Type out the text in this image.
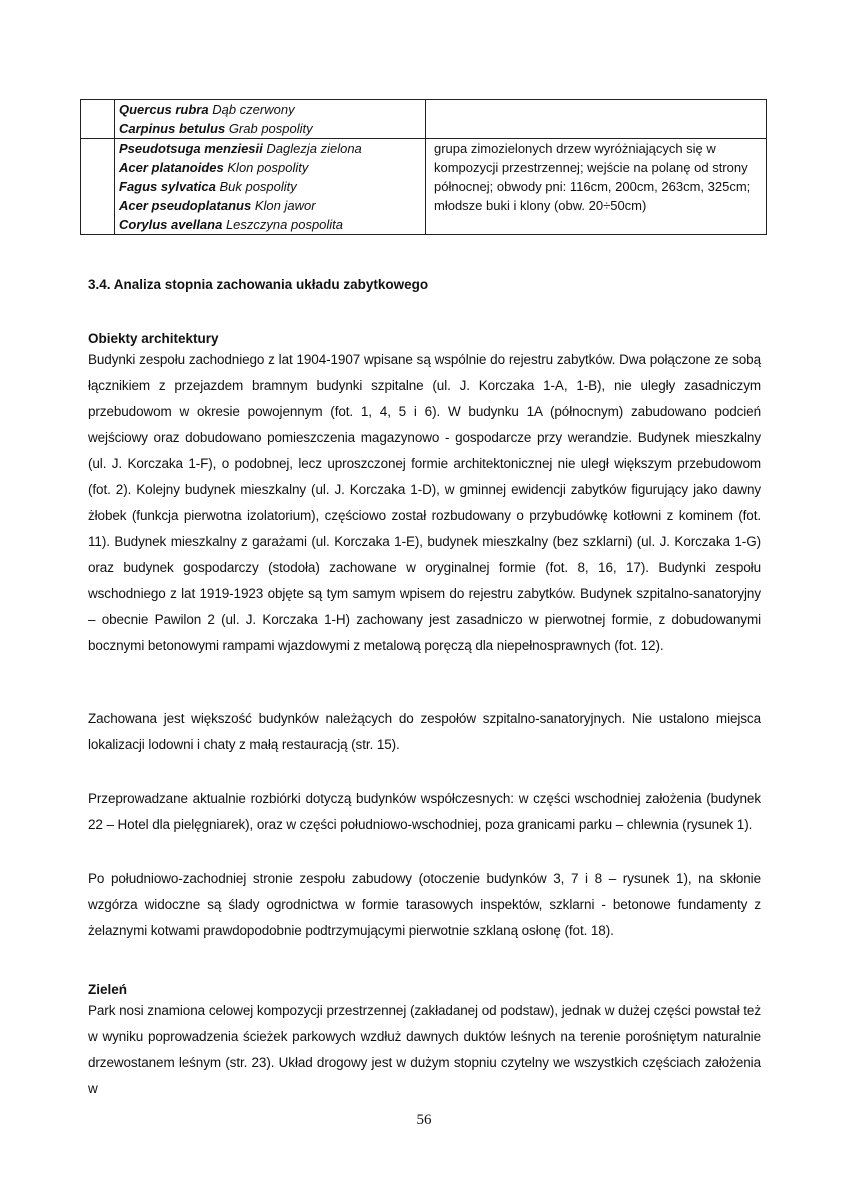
	Quercus rubra Dąb czerwony
Carpinus betulus Grab pospolity	

	Pseudotsuga menziesii Daglezja zielona
Acer platanoides Klon pospolity
Fagus sylvatica Buk pospolity
Acer pseudoplatanus Klon jawor
Corylus avellana Leszczyna pospolita	grupa zimozielonych drzew wyróżniających się w kompozycji przestrzennej; wejście na polanę od strony północnej; obwody pni: 116cm, 200cm, 263cm, 325cm; młodsze buki i klony (obw. 20÷50cm)
3.4. Analiza stopnia zachowania układu zabytkowego
Obiekty architektury
Budynki zespołu zachodniego z lat 1904-1907 wpisane są wspólnie do rejestru zabytków. Dwa połączone ze sobą łącznikiem z przejazdem bramnym budynki szpitalne (ul. J. Korczaka 1-A, 1-B), nie uległy zasadniczym przebudowom w okresie powojennym (fot. 1, 4, 5 i 6). W budynku 1A (północnym) zabudowano podcień wejściowy oraz dobudowano pomieszczenia magazynowo - gospodarcze przy werandzie. Budynek mieszkalny (ul. J. Korczaka 1-F), o podobnej, lecz uproszczonej formie architektonicznej nie uległ większym przebudowom (fot. 2). Kolejny budynek mieszkalny (ul. J. Korczaka 1-D), w gminnej ewidencji zabytków figurujący jako dawny żłobek (funkcja pierwotna izolatorium), częściowo został rozbudowany o przybudówkę kotłowni z kominem (fot. 11). Budynek mieszkalny z garażami (ul. Korczaka 1-E), budynek mieszkalny (bez szklarni) (ul. J. Korczaka 1-G) oraz budynek gospodarczy (stodoła) zachowane w oryginalnej formie (fot. 8, 16, 17). Budynki zespołu wschodniego z lat 1919-1923 objęte są tym samym wpisem do rejestru zabytków. Budynek szpitalno-sanatoryjny – obecnie Pawilon 2 (ul. J. Korczaka 1-H) zachowany jest zasadniczo w pierwotnej formie, z dobudowanymi bocznymi betonowymi rampami wjazdowymi z metalową poręczą dla niepełnosprawnych (fot. 12).
Zachowana jest większość budynków należących do zespołów szpitalno-sanatoryjnych. Nie ustalono miejsca lokalizacji lodowni i chaty z małą restauracją (str. 15).
Przeprowadzane aktualnie rozbiórki dotyczą budynków współczesnych: w części wschodniej założenia (budynek 22 – Hotel dla pielęgniarek), oraz w części południowo-wschodniej, poza granicami parku – chlewnia (rysunek 1).
Po południowo-zachodniej stronie zespołu zabudowy (otoczenie budynków 3, 7 i 8 – rysunek 1), na skłonie wzgórza widoczne są ślady ogrodnictwa w formie tarasowych inspektów, szklarni - betonowe fundamenty z żelaznymi kotwami prawdopodobnie podtrzymującymi pierwotnie szklaną osłonę (fot. 18).
Zieleń
Park nosi znamiona celowej kompozycji przestrzennej (zakładanej od podstaw), jednak w dużej części powstał też w wyniku poprowadzenia ścieżek parkowych wzdłuż dawnych duktów leśnych na terenie porośniętym naturalnie drzewostanem leśnym (str. 23). Układ drogowy jest w dużym stopniu czytelny we wszystkich częściach założenia w
56
